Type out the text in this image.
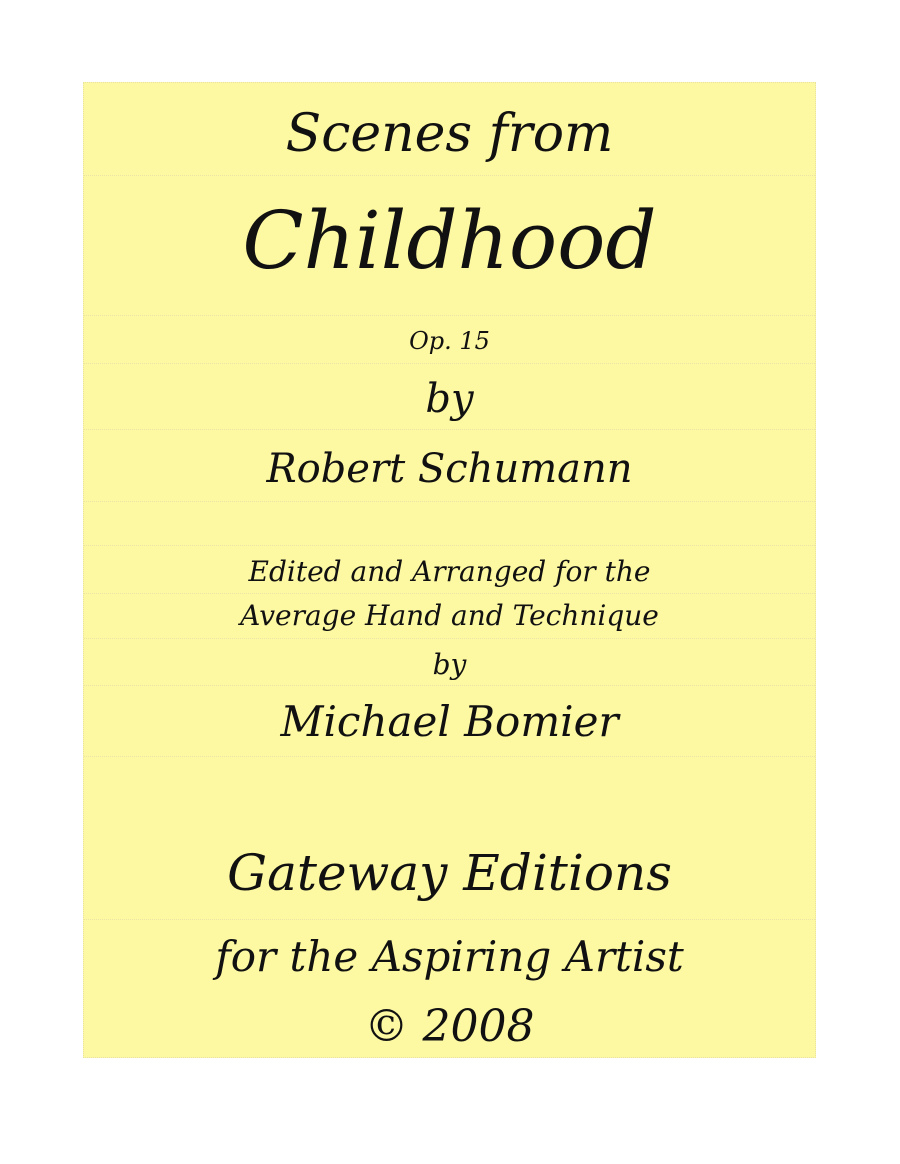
Scenes from
Childhood
Op. 15
by
Robert Schumann
Edited and Arranged for the
Average Hand and Technique
by
Michael Bomier
Gateway Editions
for the Aspiring Artist
© 2008
